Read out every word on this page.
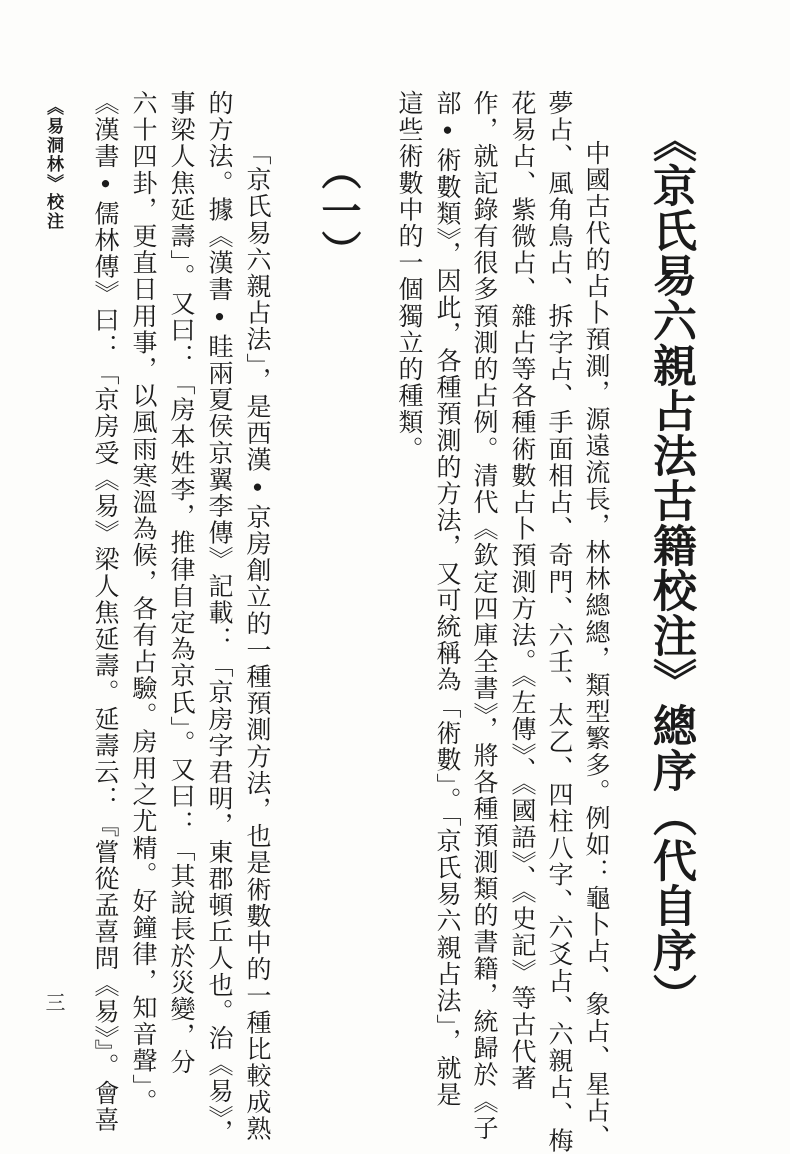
《京氏易六親占法古籍校注》總序（代自序）
中國古代的占卜預測，源遠流長，林林總總，類型繁多。例如：龜卜占、象占、星占、
夢占、風角鳥占、拆字占、手面相占、奇門、六壬、太乙、四柱八字、六爻占、六親占、梅
花易占、紫微占、雜占等各種術數占卜預測方法。《左傳》、《國語》、《史記》等古代著
作，就記錄有很多預測的占例。清代《欽定四庫全書》，將各種預測類的書籍，統歸於《子
部•術數類》，因此，各種預測的方法，又可統稱為「術數」。「京氏易六親占法」，就是
這些術數中的一個獨立的種類。
（一）
「京氏易六親占法」，是西漢•京房創立的一種預測方法，也是術數中的一種比較成熟
的方法。據《漢書•眭兩夏侯京翼李傳》記載：「京房字君明，東郡頓丘人也。治《易》，
事梁人焦延壽」。又曰：「房本姓李，推律自定為京氏」。又曰：「其說長於災變，分
六十四卦，更直日用事，以風雨寒溫為候，各有占驗。房用之尤精。好鐘律，知音聲」。
《漢書•儒林傳》曰：「京房受《易》梁人焦延壽。延壽云：『嘗從孟喜問《易》』。會喜
《易洞林》校注
三
